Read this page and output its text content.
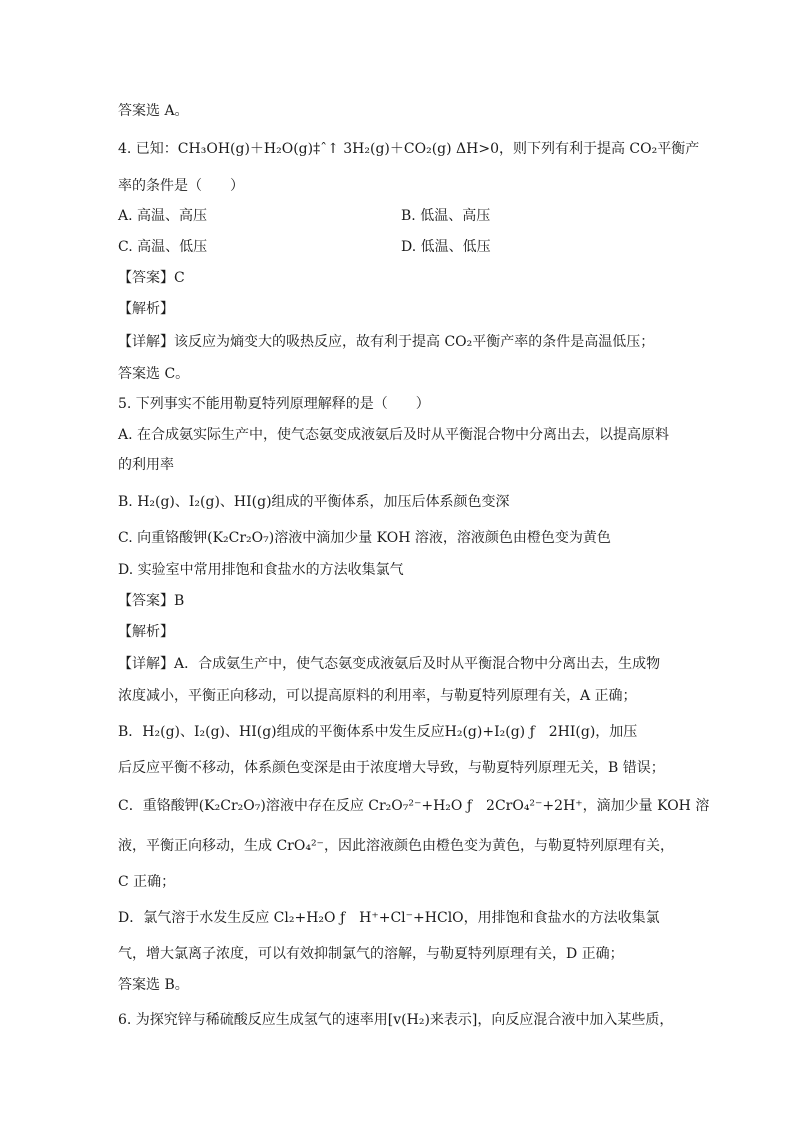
答案选 A。
4. 已知：CH₃OH(g)＋H₂O(g)‡ˆ↑ 3H₂(g)＋CO₂(g) ΔH>0，则下列有利于提高 CO₂平衡产
率的条件是（　　）
A. 高温、高压	B. 低温、高压
C. 高温、低压	D. 低温、低压
【答案】C
【解析】
【详解】该反应为熵变大的吸热反应，故有利于提高 CO₂平衡产率的条件是高温低压；
答案选 C。
5. 下列事实不能用勒夏特列原理解释的是（　　）
A. 在合成氨实际生产中，使气态氨变成液氨后及时从平衡混合物中分离出去，以提高原料
的利用率
B. H₂(g)、I₂(g)、HI(g)组成的平衡体系，加压后体系颜色变深
C. 向重铬酸钾(K₂Cr₂O₇)溶液中滴加少量 KOH 溶液，溶液颜色由橙色变为黄色
D. 实验室中常用排饱和食盐水的方法收集氯气
【答案】B
【解析】
【详解】A．合成氨生产中，使气态氨变成液氨后及时从平衡混合物中分离出去，生成物
浓度减小，平衡正向移动，可以提高原料的利用率，与勒夏特列原理有关，A 正确；
B．H₂(g)、I₂(g)、HI(g)组成的平衡体系中发生反应H₂(g)+I₂(g) ƒ　2HI(g)，加压
后反应平衡不移动，体系颜色变深是由于浓度增大导致，与勒夏特列原理无关，B 错误；
C．重铬酸钾(K₂Cr₂O₇)溶液中存在反应 Cr₂O₇²⁻+H₂O ƒ　2CrO₄²⁻+2H⁺，滴加少量 KOH 溶
液，平衡正向移动，生成 CrO₄²⁻，因此溶液颜色由橙色变为黄色，与勒夏特列原理有关，
C 正确；
D．氯气溶于水发生反应 Cl₂+H₂O ƒ　H⁺+Cl⁻+HClO，用排饱和食盐水的方法收集氯
气，增大氯离子浓度，可以有效抑制氯气的溶解，与勒夏特列原理有关，D 正确；
答案选 B。
6. 为探究锌与稀硫酸反应生成氢气的速率用[v(H₂)来表示]，向反应混合液中加入某些质，
